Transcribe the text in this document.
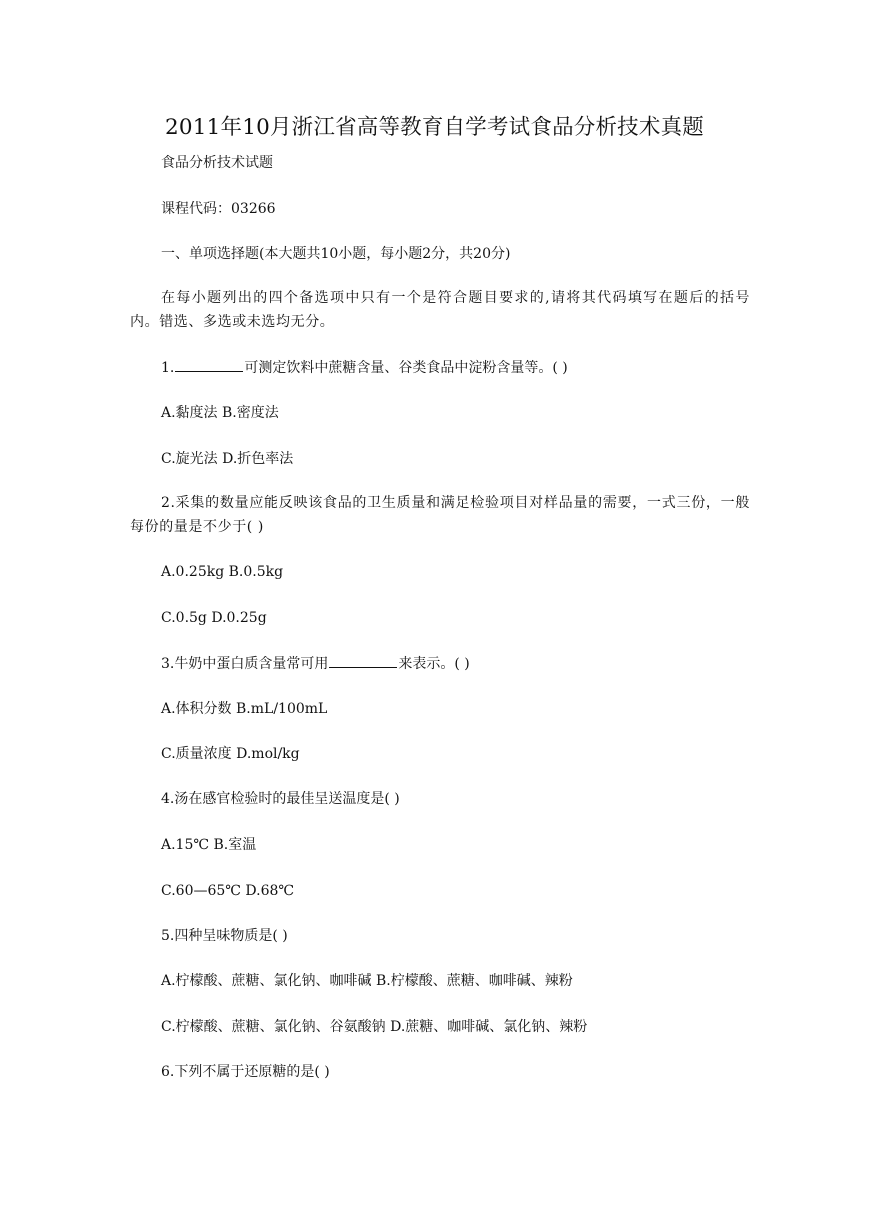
2011年10月浙江省高等教育自学考试食品分析技术真题
食品分析技术试题
课程代码：03266
一、单项选择题(本大题共10小题，每小题2分，共20分)
在每小题列出的四个备选项中只有一个是符合题目要求的,请将其代码填写在题后的括号内。错选、多选或未选均无分。
1.	可测定饮料中蔗糖含量、谷类食品中淀粉含量等。( )
A.黏度法 B.密度法
C.旋光法 D.折色率法
2.采集的数量应能反映该食品的卫生质量和满足检验项目对样品量的需要，一式三份，一般每份的量是不少于( )
A.0.25kg B.0.5kg
C.0.5g D.0.25g
3.牛奶中蛋白质含量常可用	来表示。( )
A.体积分数 B.mL/100mL
C.质量浓度 D.mol/kg
4.汤在感官检验时的最佳呈送温度是( )
A.15℃ B.室温
C.60—65℃ D.68℃
5.四种呈味物质是( )
A.柠檬酸、蔗糖、氯化钠、咖啡碱 B.柠檬酸、蔗糖、咖啡碱、辣粉
C.柠檬酸、蔗糖、氯化钠、谷氨酸钠 D.蔗糖、咖啡碱、氯化钠、辣粉
6.下列不属于还原糖的是( )
